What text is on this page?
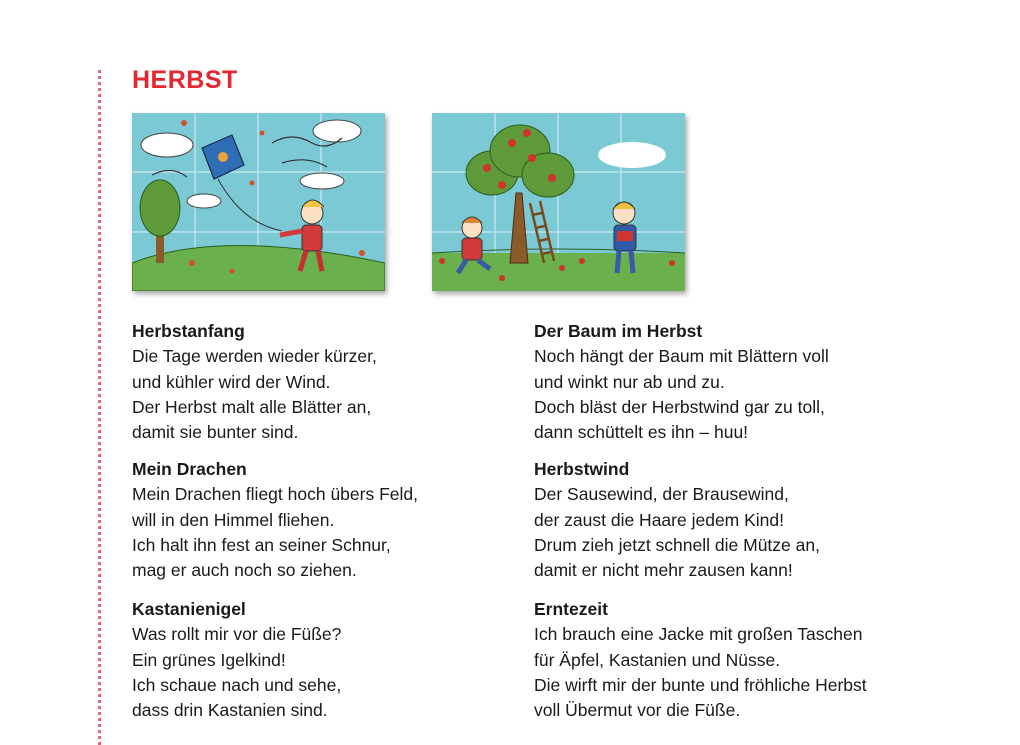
HERBST
Herbstanfang
Die Tage werden wieder kürzer,
und kühler wird der Wind.
Der Herbst malt alle Blätter an,
damit sie bunter sind.
Der Baum im Herbst
Noch hängt der Baum mit Blättern voll
und winkt nur ab und zu.
Doch bläst der Herbstwind gar zu toll,
dann schüttelt es ihn – huu!
Mein Drachen
Mein Drachen fliegt hoch übers Feld,
will in den Himmel fliehen.
Ich halt ihn fest an seiner Schnur,
mag er auch noch so ziehen.
Herbstwind
Der Sausewind, der Brausewind,
der zaust die Haare jedem Kind!
Drum zieh jetzt schnell die Mütze an,
damit er nicht mehr zausen kann!
Kastanienigel
Was rollt mir vor die Füße?
Ein grünes Igelkind!
Ich schaue nach und sehe,
dass drin Kastanien sind.
Erntezeit
Ich brauch eine Jacke mit großen Taschen
für Äpfel, Kastanien und Nüsse.
Die wirft mir der bunte und fröhliche Herbst
voll Übermut vor die Füße.
